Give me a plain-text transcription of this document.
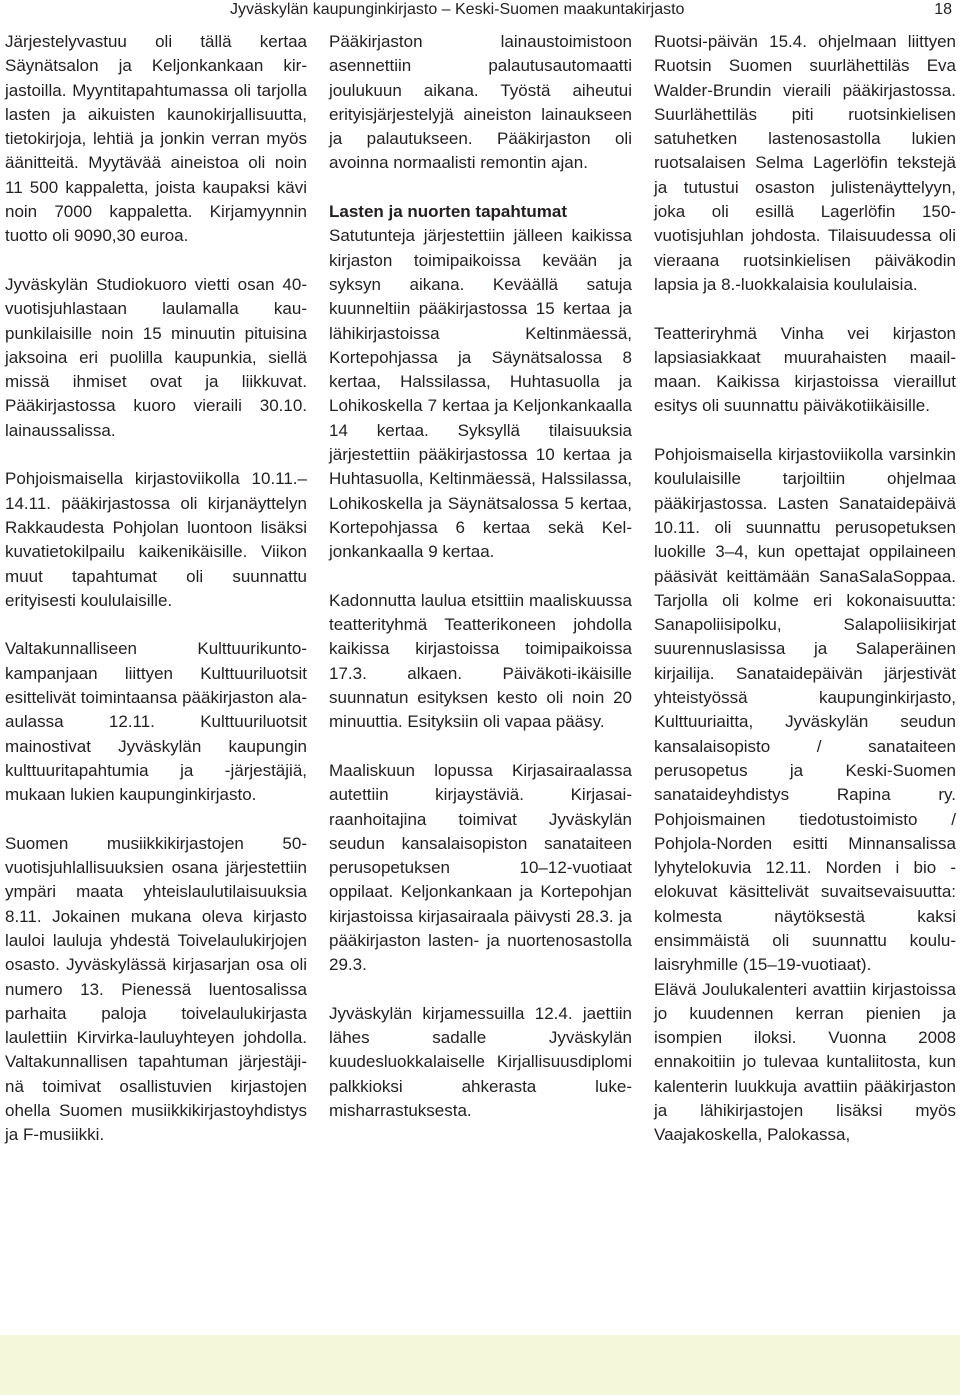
Jyväskylän kaupunginkirjasto – Keski-Suomen maakuntakirjasto	18

Järjestelyvastuu oli tällä kertaa Säynätsalon ja Keljonkankaan kirjastoilla. Myyntitapahtumassa oli tarjolla lasten ja aikuisten kaunokirjallisuutta, tietokirjoja, lehtiä ja jonkin verran myös äänitteitä. Myytävää aineistoa oli noin 11 500 kappaletta, joista kaupaksi kävi noin 7000 kappaletta. Kirjamyynnin tuotto oli 9090,30 euroa.

Jyväskylän Studiokuoro vietti osan 40-vuotisjuhlastaan laulamalla kaupunkilaisille noin 15 minuutin pituisina jaksoina eri puolilla kaupunkia, siellä missä ihmiset ovat ja liikkuvat. Pääkirjastossa kuoro vieraili 30.10. lainaussalissa.

Pohjoismaisella kirjastoviikolla 10.11.–14.11. pääkirjastossa oli kirjanäyttelyn Rakkaudesta Pohjolan luontoon lisäksi kuvatietokilpailu kaikenikäisille. Viikon muut tapahtumat oli suunnattu erityisesti koululaisille.

Valtakunnalliseen Kulttuurikuntokampanjaan liittyen Kulttuuriluotsit esittelivät toimintaansa pääkirjaston ala-aulassa 12.11. Kulttuuriluotsit mainostivat Jyväskylän kaupungin kulttuuritapahtumia ja -järjestäjiä, mukaan lukien kaupunginkirjasto.

Suomen musiikkikirjastojen 50-vuotisjuhlallisuuksien osana järjestettiin ympäri maata yhteislaulutilaisuuksia 8.11. Jokainen mukana oleva kirjasto lauloi lauluja yhdestä Toivelaulukirjojen osasto. Jyväskylässä kirjasarjan osa oli numero 13. Pienessä luentosalissa parhaita paloja toivelaulukirjasta laulettiin Kirvirka-lauluyhteyen johdolla. Valtakunnallisen tapahtuman järjestäjinä toimivat osallistuvien kirjastojen ohella Suomen musiikkikirjastoyhdistys ja F-musiikki.

Pääkirjaston lainaustoimistoon asennettiin palautusautomaatti joulukuun aikana. Työstä aiheutui erityisjärjestelyjä aineiston lainaukseen ja palautukseen. Pääkirjaston oli avoinna normaalisti remontin ajan.

Lasten ja nuorten tapahtumat

Satutunteja järjestettiin jälleen kaikissa kirjaston toimipaikoissa kevään ja syksyn aikana. Keväällä satuja kuunneltiin pääkirjastossa 15 kertaa ja lähikirjastoissa Keltinmäessä, Kortepohjassa ja Säynätsalossa 8 kertaa, Halssilassa, Huhtasuolla ja Lohikoskella 7 kertaa ja Keljonkankaalla 14 kertaa. Syksyllä tilaisuuksia järjestettiin pääkirjastossa 10 kertaa ja Huhtasuolla, Keltinmäessä, Halssilassa, Lohikoskella ja Säynätsalossa 5 kertaa, Kortepohjassa 6 kertaa sekä Keljonkankaalla 9 kertaa.

Kadonnutta laulua etsittiin maaliskuussa teatterityhmä Teatterikoneen johdolla kaikissa kirjastoissa toimipaikoissa 17.3. alkaen. Päiväkoti-ikäisille suunnatun esityksen kesto oli noin 20 minuuttia. Esityksiin oli vapaa pääsy.

Maaliskuun lopussa Kirjasairaalassa autettiin kirjaystäviä. Kirjasairaanhoitajina toimivat Jyväskylän seudun kansalaisopiston sanataiteen perusopetuksen 10–12-vuotiaat oppilaat. Keljonkankaan ja Kortepohjan kirjastoissa kirjasairaala päivysti 28.3. ja pääkirjaston lasten- ja nuortenosastolla 29.3.

Jyväskylän kirjamessuilla 12.4. jaettiin lähes sadalle Jyväskylän kuudesluokkalaiselle Kirjallisuusdiplomi palkkioksi ahkerasta lukemisharrastuksesta.

Ruotsi-päivän 15.4. ohjelmaan liittyen Ruotsin Suomen suurlähettiläs Eva Walder-Brundin vieraili pääkirjastossa. Suurlähettiläs piti ruotsinkielisen satuhetken lastenosastolla lukien ruotsalaisen Selma Lagerlöfin tekstejä ja tutustui osaston julistenäyttelyyn, joka oli esillä Lagerlöfin 150-vuotisjuhlan johdosta. Tilaisuudessa oli vieraana ruotsinkielisen päiväkodin lapsia ja 8.-luokkalaisia koululaisia.

Teatteriryhmä Vinha vei kirjaston lapsiasiakkaat muurahaisten maailmaan. Kaikissa kirjastoissa vieraillut esitys oli suunnattu päiväkotiikäisille.

Pohjoismaisella kirjastoviikolla varsinkin koululaisille tarjoiltiin ohjelmaa pääkirjastossa. Lasten Sanataidepäivä 10.11. oli suunnattu perusopetuksen luokille 3–4, kun opettajat oppilaineen pääsivät keittämään SanaSalaSoppaa. Tarjolla oli kolme eri kokonaisuutta: Sanapoliisipolku, Salapoliisikirjat suurennuslasissa ja Salaperäinen kirjailija. Sanataidepäivän järjestivät yhteistyössä kaupunginkirjasto, Kulttuuriaitta, Jyväskylän seudun kansalaisopisto / sanataiteen perusopetus ja Keski-Suomen sanataideyhdistys Rapina ry. Pohjoismainen tiedotustoimisto / Pohjola-Norden esitti Minnansalissa lyhytelokuvia 12.11. Norden i bio -elokuvat käsittelivät suvaitsevaisuutta: kolmesta näytöksestä kaksi ensimmäistä oli suunnattu koululaisryhmille (15–19-vuotiaat).

Elävä Joulukalenteri avattiin kirjastoissa jo kuudennen kerran pienien ja isompien iloksi. Vuonna 2008 ennakoitiin jo tulevaa kuntaliitosta, kun kalenterin luukkuja avattiin pääkirjaston ja lähikirjastojen lisäksi myös Vaajakoskella, Palokassa,
